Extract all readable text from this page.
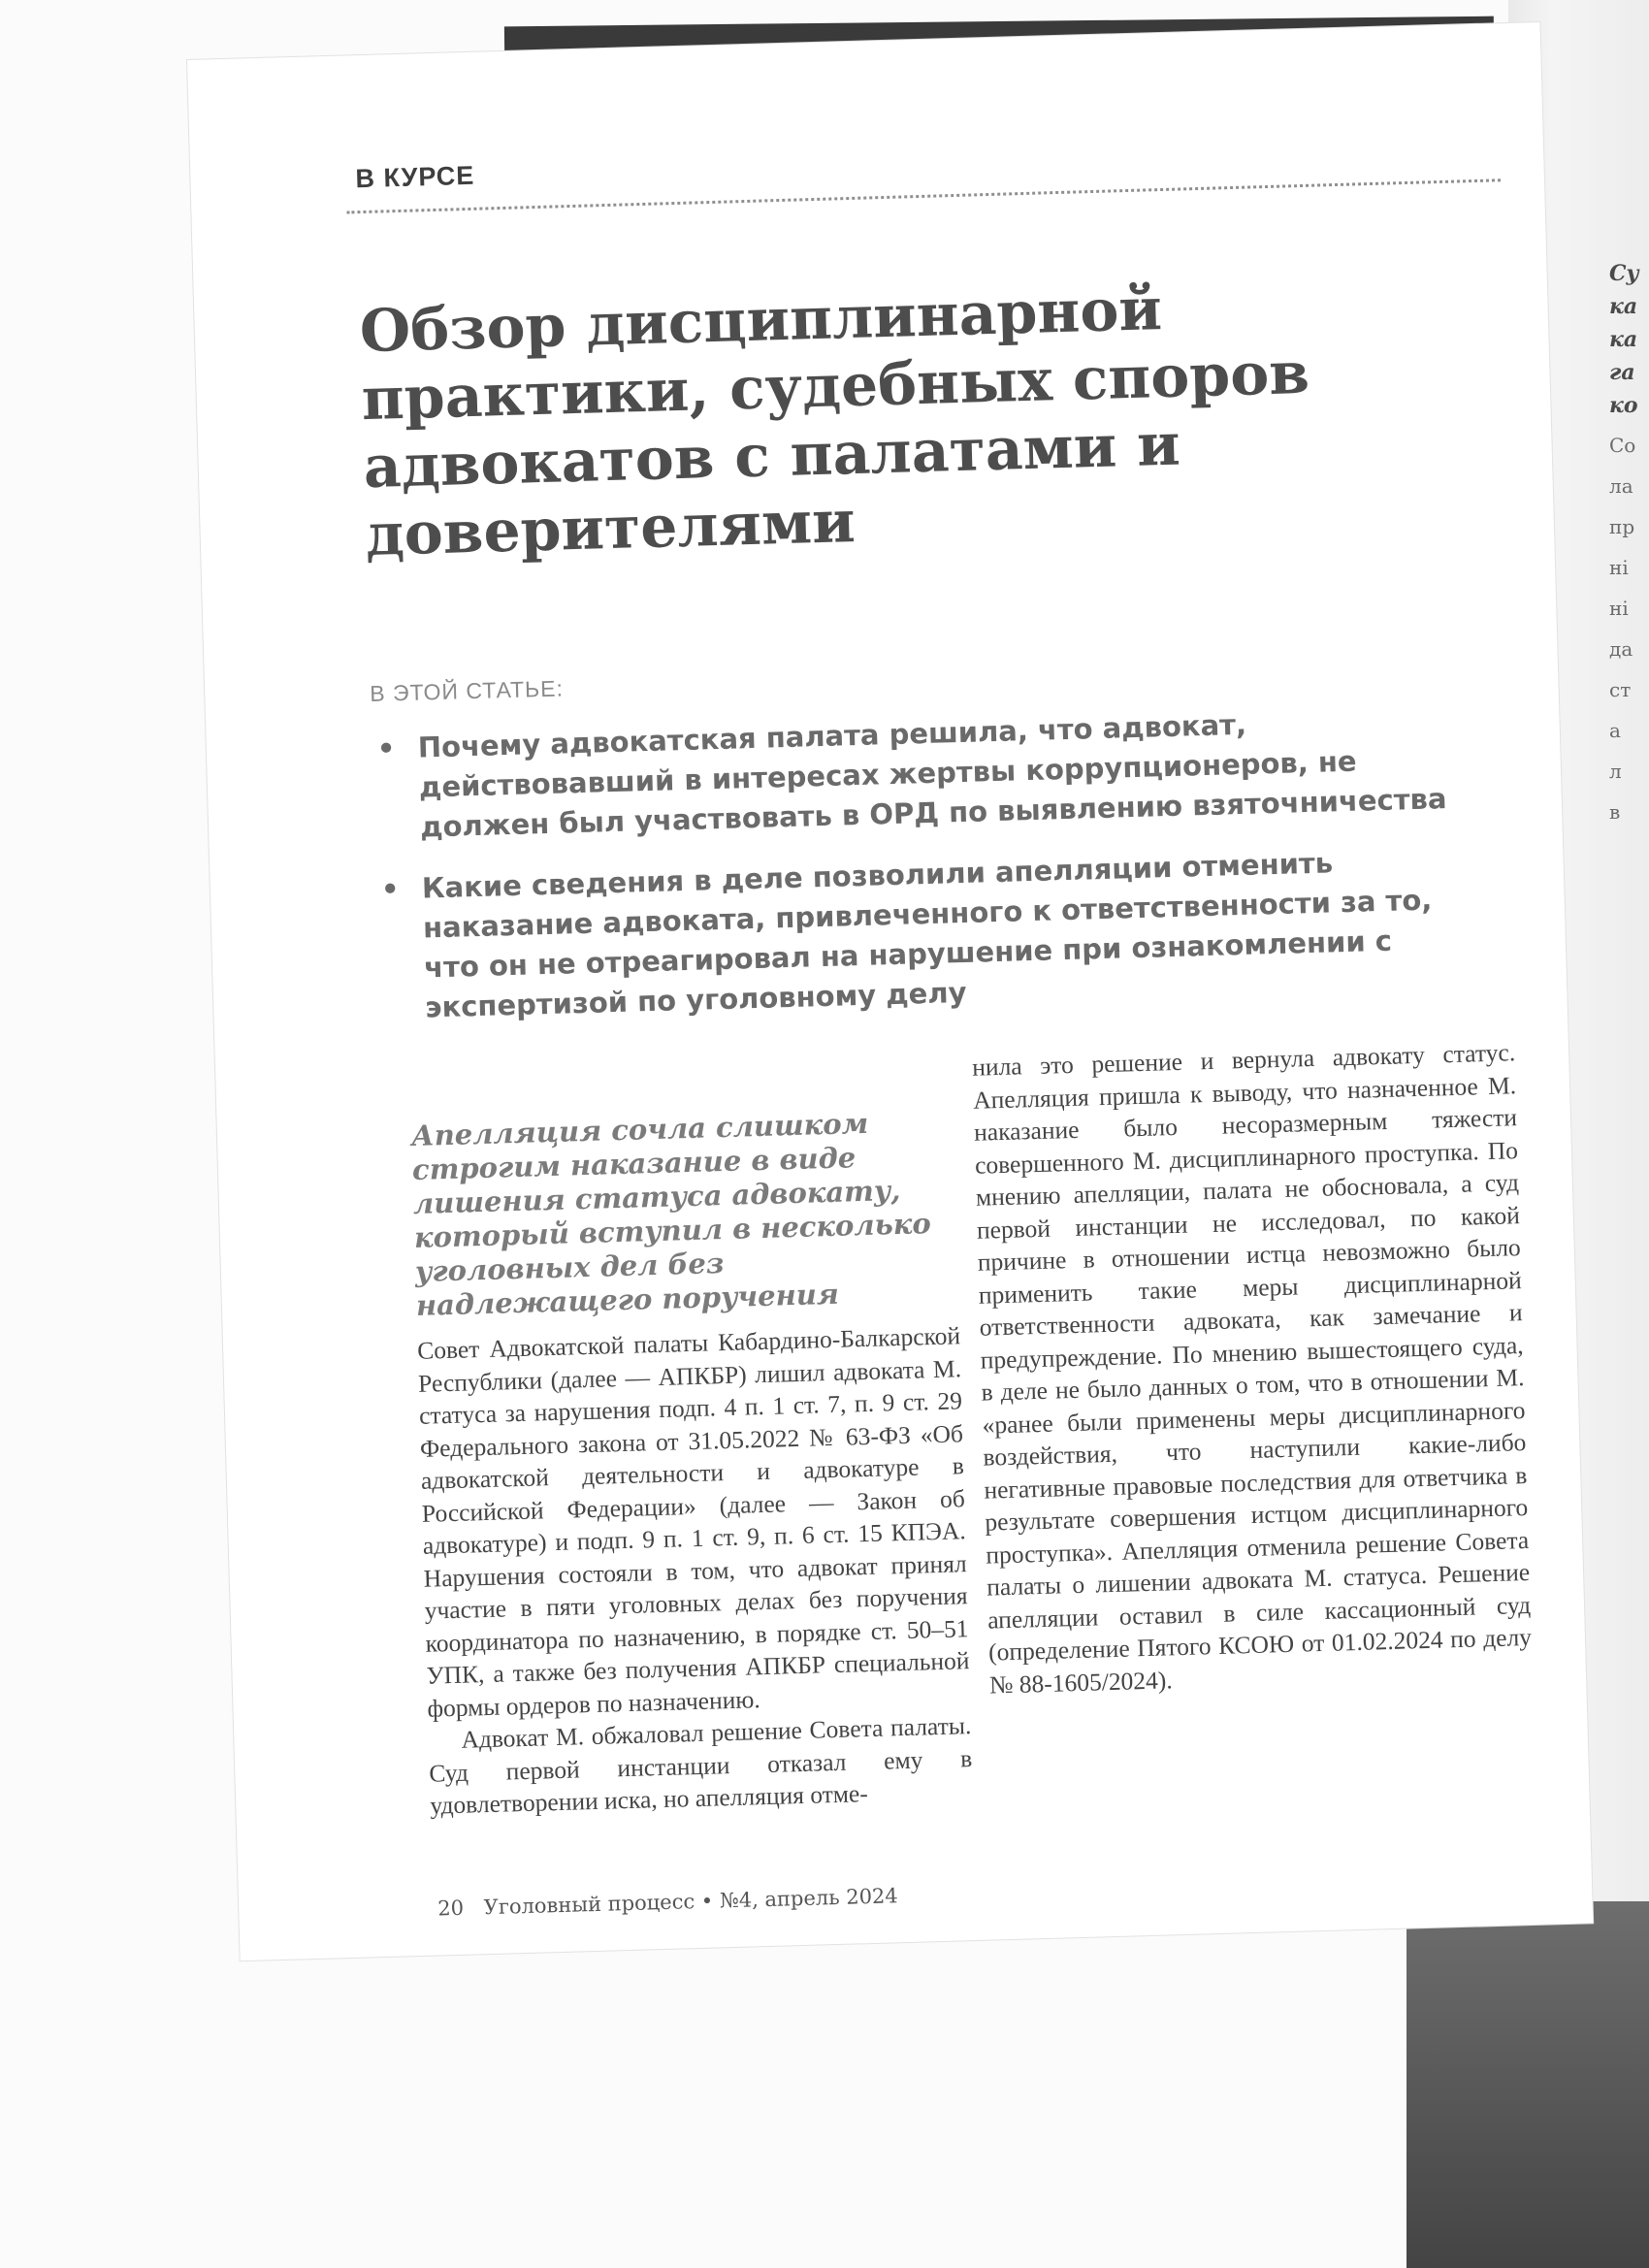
Су
ка
ка
га
ко
Со
ла
пр
ні
ні
да
ст
а
л
в
В КУРСЕ
Обзор дисциплинарной практики, судебных споров адвокатов с палатами и доверителями
В ЭТОЙ СТАТЬЕ:
• Почему адвокатская палата решила, что адвокат, действовавший в интересах жертвы коррупционеров, не должен был участвовать в ОРД по выявлению взяточничества
• Какие сведения в деле позволили апелляции отменить наказание адвоката, привлеченного к ответственности за то, что он не отреагировал на нарушение при ознакомлении с экспертизой по уголовному делу

Апелляция сочла слишком строгим наказание в виде лишения статуса адвокату, который вступил в несколько уголовных дел без надлежащего поручения

Совет Адвокатской палаты Кабардино-Балкарской Республики (далее — АПКБР) лишил адвоката М. статуса за нарушения подп. 4 п. 1 ст. 7, п. 9 ст. 29 Федерального закона от 31.05.2022 № 63-ФЗ «Об адвокатской деятельности и адвокатуре в Российской Федерации» (далее — Закон об адвокатуре) и подп. 9 п. 1 ст. 9, п. 6 ст. 15 КПЭА. Нарушения состояли в том, что адвокат принял участие в пяти уголовных делах без поручения координатора по назначению, в порядке ст. 50–51 УПК, а также без получения АПКБР специальной формы ордеров по назначению.

Адвокат М. обжаловал решение Совета палаты. Суд первой инстанции отказал ему в удовлетворении иска, но апелляция отме-

нила это решение и вернула адвокату статус. Апелляция пришла к выводу, что назначенное М. наказание было несоразмерным тяжести совершенного М. дисциплинарного проступка. По мнению апелляции, палата не обосновала, а суд первой инстанции не исследовал, по какой причине в отношении истца невозможно было применить такие меры дисциплинарной ответственности адвоката, как замечание и предупреждение. По мнению вышестоящего суда, в деле не было данных о том, что в отношении М. «ранее были применены меры дисциплинарного воздействия, что наступили какие-либо негативные правовые последствия для ответчика в результате совершения истцом дисциплинарного проступка». Апелляция отменила решение Совета палаты о лишении адвоката М. статуса. Решение апелляции оставил в силе кассационный суд (определение Пятого КСОЮ от 01.02.2024 по делу № 88-1605/2024).

20 Уголовный процесс • №4, апрель 2024
